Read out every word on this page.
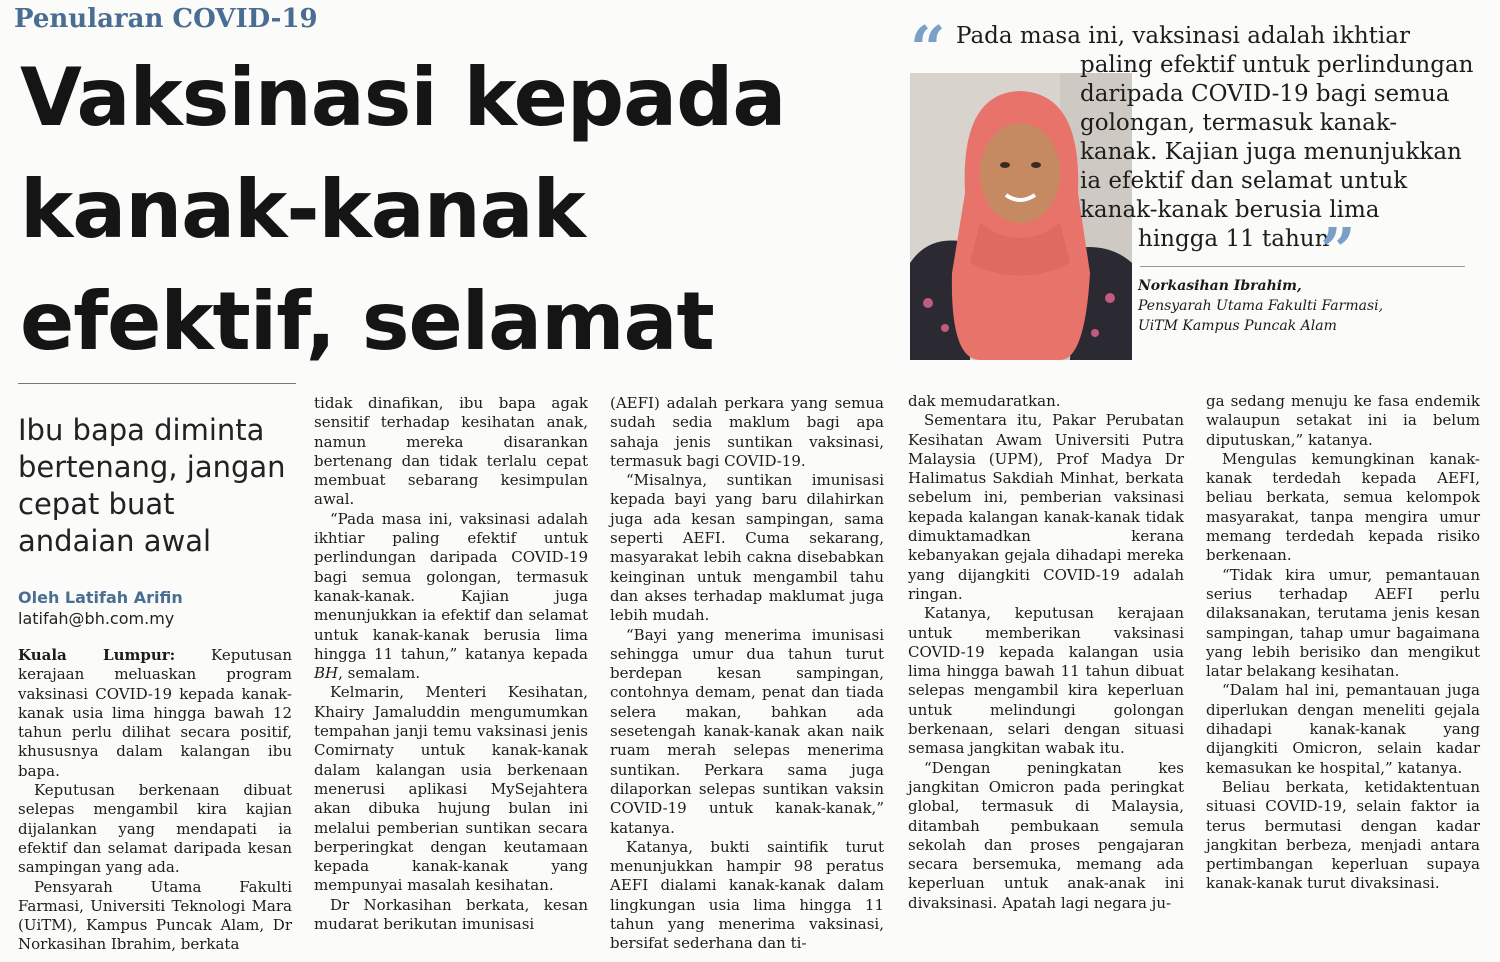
Penularan COVID-19
Vaksinasi kepada
kanak-kanak
efektif, selamat
“ Pada masa ini, vaksinasi adalah ikhtiar
paling efektif untuk perlindungan
daripada COVID-19 bagi semua
golongan, termasuk kanak-
kanak. Kajian juga menunjukkan
ia efektif dan selamat untuk
kanak-kanak berusia lima
hingga 11 tahun
”
Norkasihan Ibrahim,
Pensyarah Utama Fakulti Farmasi,
UiTM Kampus Puncak Alam
Ibu bapa diminta
bertenang, jangan
cepat buat
andaian awal
Oleh Latifah Arifin
latifah@bh.com.my

Kuala Lumpur: Keputusan kerajaan meluaskan program vaksinasi COVID-19 kepada kanak-kanak usia lima hingga bawah 12 tahun perlu dilihat secara positif, khususnya dalam kalangan ibu bapa.

Keputusan berkenaan dibuat selepas mengambil kira kajian dijalankan yang mendapati ia efektif dan selamat daripada kesan sampingan yang ada.

Pensyarah Utama Fakulti Farmasi, Universiti Teknologi Mara (UiTM), Kampus Puncak Alam, Dr Norkasihan Ibrahim, berkata

tidak dinafikan, ibu bapa agak sensitif terhadap kesihatan anak, namun mereka disarankan bertenang dan tidak terlalu cepat membuat sebarang kesimpulan awal.

“Pada masa ini, vaksinasi adalah ikhtiar paling efektif untuk perlindungan daripada COVID-19 bagi semua golongan, termasuk kanak-kanak. Kajian juga menunjukkan ia efektif dan selamat untuk kanak-kanak berusia lima hingga 11 tahun,” katanya kepada BH, semalam.

Kelmarin, Menteri Kesihatan, Khairy Jamaluddin mengumumkan tempahan janji temu vaksinasi jenis Comirnaty untuk kanak-kanak dalam kalangan usia berkenaan menerusi aplikasi MySejahtera akan dibuka hujung bulan ini melalui pemberian suntikan secara berperingkat dengan keutamaan kepada kanak-kanak yang mempunyai masalah kesihatan.

Dr Norkasihan berkata, kesan mudarat berikutan imunisasi

(AEFI) adalah perkara yang semua sudah sedia maklum bagi apa sahaja jenis suntikan vaksinasi, termasuk bagi COVID-19.

“Misalnya, suntikan imunisasi kepada bayi yang baru dilahirkan juga ada kesan sampingan, sama seperti AEFI. Cuma sekarang, masyarakat lebih cakna disebabkan keinginan untuk mengambil tahu dan akses terhadap maklumat juga lebih mudah.

“Bayi yang menerima imunisasi sehingga umur dua tahun turut berdepan kesan sampingan, contohnya demam, penat dan tiada selera makan, bahkan ada sesetengah kanak-kanak akan naik ruam merah selepas menerima suntikan. Perkara sama juga dilaporkan selepas suntikan vaksin COVID-19 untuk kanak-kanak,” katanya.

Katanya, bukti saintifik turut menunjukkan hampir 98 peratus AEFI dialami kanak-kanak dalam lingkungan usia lima hingga 11 tahun yang menerima vaksinasi, bersifat sederhana dan ti-

dak memudaratkan.

Sementara itu, Pakar Perubatan Kesihatan Awam Universiti Putra Malaysia (UPM), Prof Madya Dr Halimatus Sakdiah Minhat, berkata sebelum ini, pemberian vaksinasi kepada kalangan kanak-kanak tidak dimuktamadkan kerana kebanyakan gejala dihadapi mereka yang dijangkiti COVID-19 adalah ringan.

Katanya, keputusan kerajaan untuk memberikan vaksinasi COVID-19 kepada kalangan usia lima hingga bawah 11 tahun dibuat selepas mengambil kira keperluan untuk melindungi golongan berkenaan, selari dengan situasi semasa jangkitan wabak itu.

“Dengan peningkatan kes jangkitan Omicron pada peringkat global, termasuk di Malaysia, ditambah pembukaan semula sekolah dan proses pengajaran secara bersemuka, memang ada keperluan untuk anak-anak ini divaksinasi. Apatah lagi negara ju-

ga sedang menuju ke fasa endemik walaupun setakat ini ia belum diputuskan,” katanya.

Mengulas kemungkinan kanak-kanak terdedah kepada AEFI, beliau berkata, semua kelompok masyarakat, tanpa mengira umur memang terdedah kepada risiko berkenaan.

“Tidak kira umur, pemantauan serius terhadap AEFI perlu dilaksanakan, terutama jenis kesan sampingan, tahap umur bagaimana yang lebih berisiko dan mengikut latar belakang kesihatan.

“Dalam hal ini, pemantauan juga diperlukan dengan meneliti gejala dihadapi kanak-kanak yang dijangkiti Omicron, selain kadar kemasukan ke hospital,” katanya.

Beliau berkata, ketidaktentuan situasi COVID-19, selain faktor ia terus bermutasi dengan kadar jangkitan berbeza, menjadi antara pertimbangan keperluan supaya kanak-kanak turut divaksinasi.
